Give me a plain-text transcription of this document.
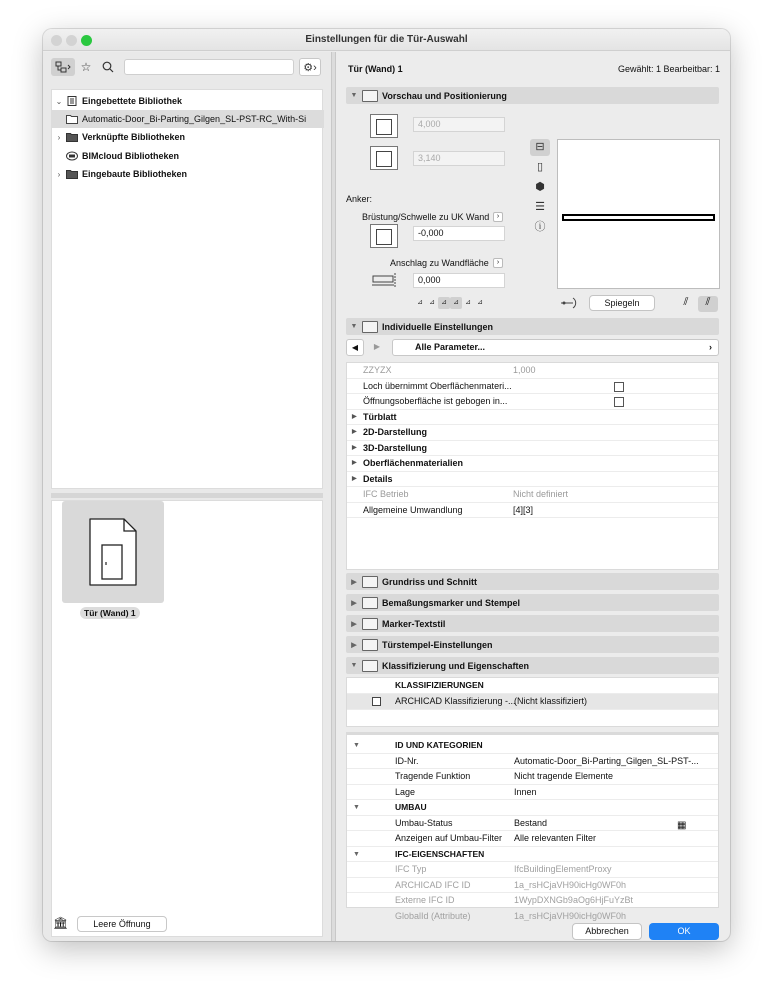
Einstellungen für die Tür-Auswahl
☆	⚙›
⌄	Eingebettete Bibliothek
Automatic-Door_Bi-Parting_Gilgen_SL-PST-RC_With-Si
›	Verknüpfte Bibliotheken
BIMcloud Bibliotheken
›	Eingebaute Bibliotheken
Tür (Wand) 1
🏛	Leere Öffnung
Tür (Wand) 1	Gewählt: 1 Bearbeitbar: 1
▼	Vorschau und Positionierung
4,000
3,140
Anker:
Brüstung/Schwelle zu UK Wand	›
-0,000
Anschlag zu Wandfläche	›
0,000
⊿ ⊿ ⊿ ⊿ ⊿ ⊿
⊟
▯
⬢
☰
ⓘ
Spiegeln	⫽	⫽
▼	Individuelle Einstellungen
◀	▶	Alle Parameter...	›
ZZYZX	1,000
Loch übernimmt Oberflächenmateri...
Öffnungsoberfläche ist gebogen in...
▶ Türblatt
▶ 2D-Darstellung
▶ 3D-Darstellung
▶ Oberflächenmaterialien
▶ Details
IFC Betrieb	Nicht definiert
Allgemeine Umwandlung	[4][3]
▶	Grundriss und Schnitt
▶	Bemaßungsmarker und Stempel
▶	Marker-Textstil
▶	Türstempel-Einstellungen
▼	Klassifizierung und Eigenschaften
KLASSIFIZIERUNGEN
ARCHICAD Klassifizierung -...
(Nicht klassifiziert)
▼	ID UND KATEGORIEN
ID-Nr.	Automatic-Door_Bi-Parting_Gilgen_SL-PST-...
Tragende Funktion	Nicht tragende Elemente
Lage	Innen
▼	UMBAU
Umbau-Status	Bestand	▦
Anzeigen auf Umbau-Filter Alle relevanten Filter
▼	IFC-EIGENSCHAFTEN
IFC Typ	IfcBuildingElementProxy
ARCHICAD IFC ID	1a_rsHCjaVH90icHg0WF0h
Externe IFC ID	1WypDXNGb9aOg6HjFuYzBt
GlobalId (Attribute)	1a_rsHCjaVH90icHg0WF0h
Abbrechen	OK
